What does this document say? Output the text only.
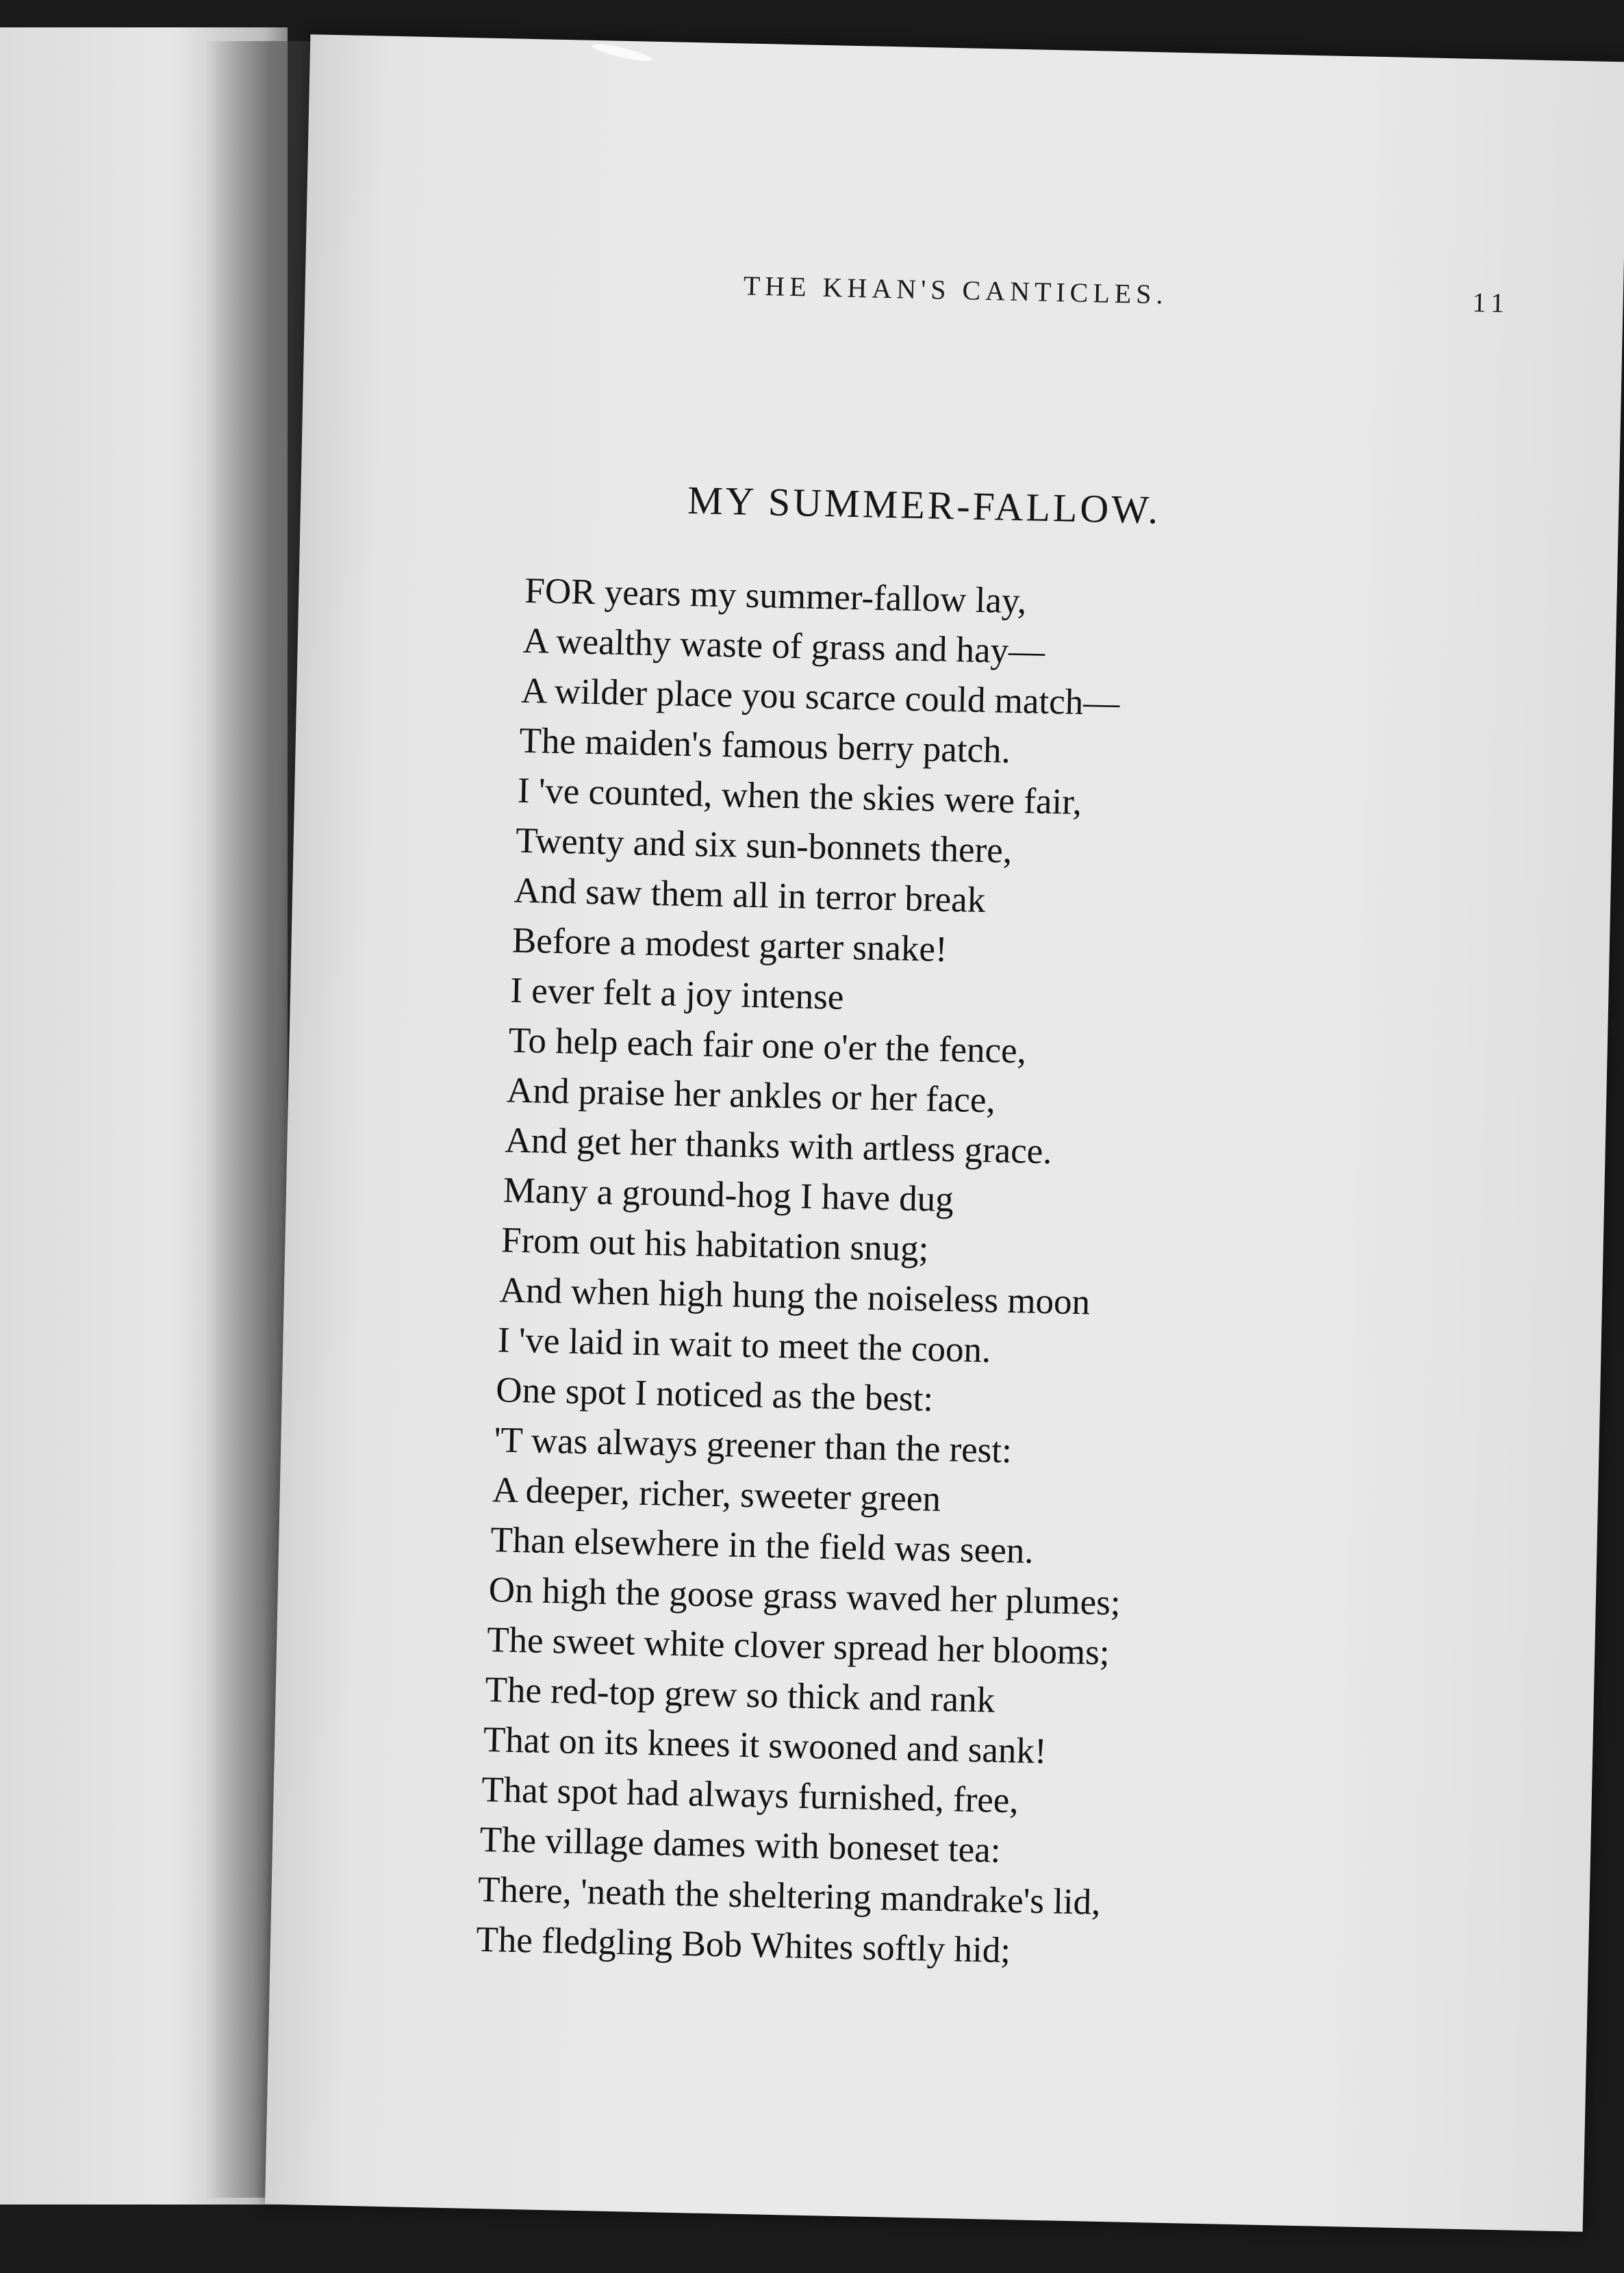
THE KHAN'S CANTICLES.	11
MY SUMMER-FALLOW.
FOR years my summer-fallow lay,
A wealthy waste of grass and hay—
A wilder place you scarce could match—
The maiden's famous berry patch.
I 've counted, when the skies were fair,
Twenty and six sun-bonnets there,
And saw them all in terror break
Before a modest garter snake!
I ever felt a joy intense
To help each fair one o'er the fence,
And praise her ankles or her face,
And get her thanks with artless grace.
Many a ground-hog I have dug
From out his habitation snug;
And when high hung the noiseless moon
I 've laid in wait to meet the coon.
One spot I noticed as the best:
'T was always greener than the rest:
A deeper, richer, sweeter green
Than elsewhere in the field was seen.
On high the goose grass waved her plumes;
The sweet white clover spread her blooms;
The red-top grew so thick and rank
That on its knees it swooned and sank!
That spot had always furnished, free,
The village dames with boneset tea:
There, 'neath the sheltering mandrake's lid,
The fledgling Bob Whites softly hid;
